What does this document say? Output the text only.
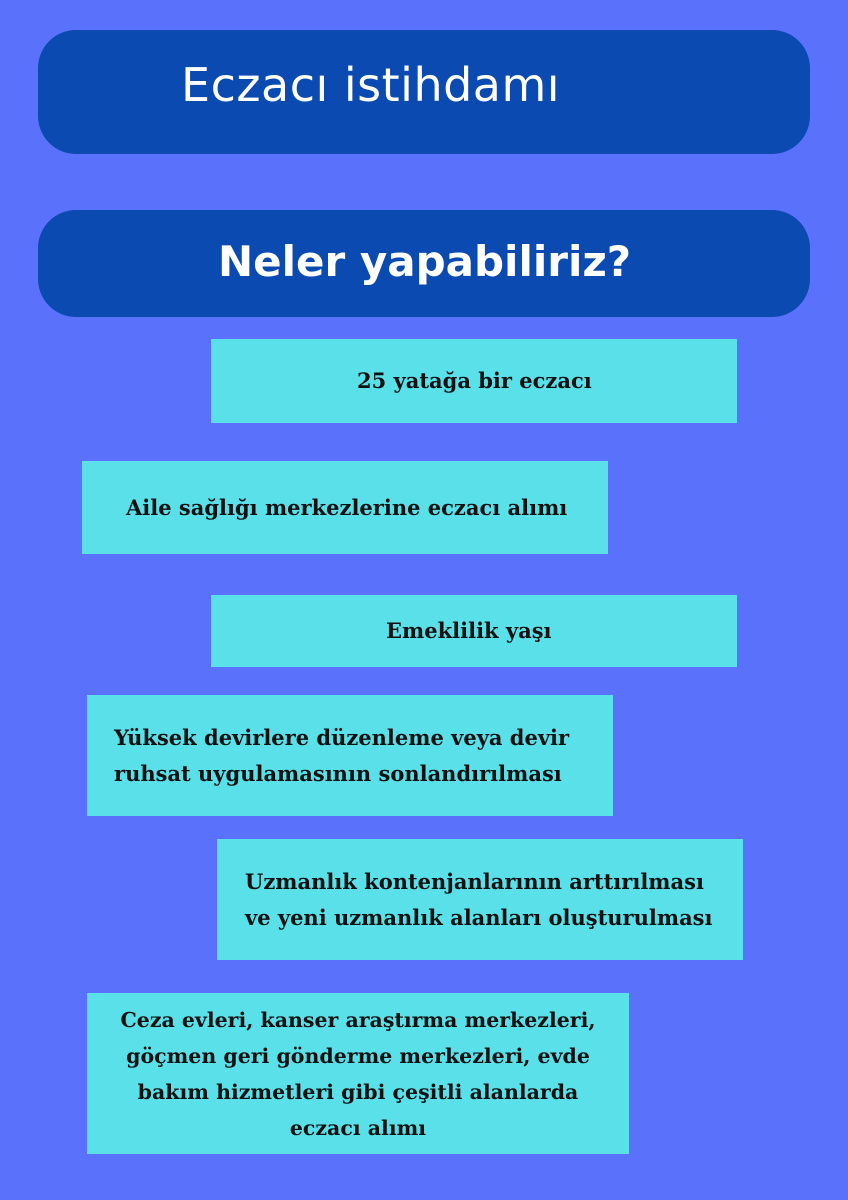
Eczacı istihdamı
Neler yapabiliriz?
25 yatağa bir eczacı
Aile sağlığı merkezlerine eczacı alımı
Emeklilik yaşı
Yüksek devirlere düzenleme veya devir
ruhsat uygulamasının sonlandırılması
Uzmanlık kontenjanlarının arttırılması
ve yeni uzmanlık alanları oluşturulması
Ceza evleri, kanser araştırma merkezleri,
göçmen geri gönderme merkezleri, evde
bakım hizmetleri gibi çeşitli alanlarda
eczacı alımı
